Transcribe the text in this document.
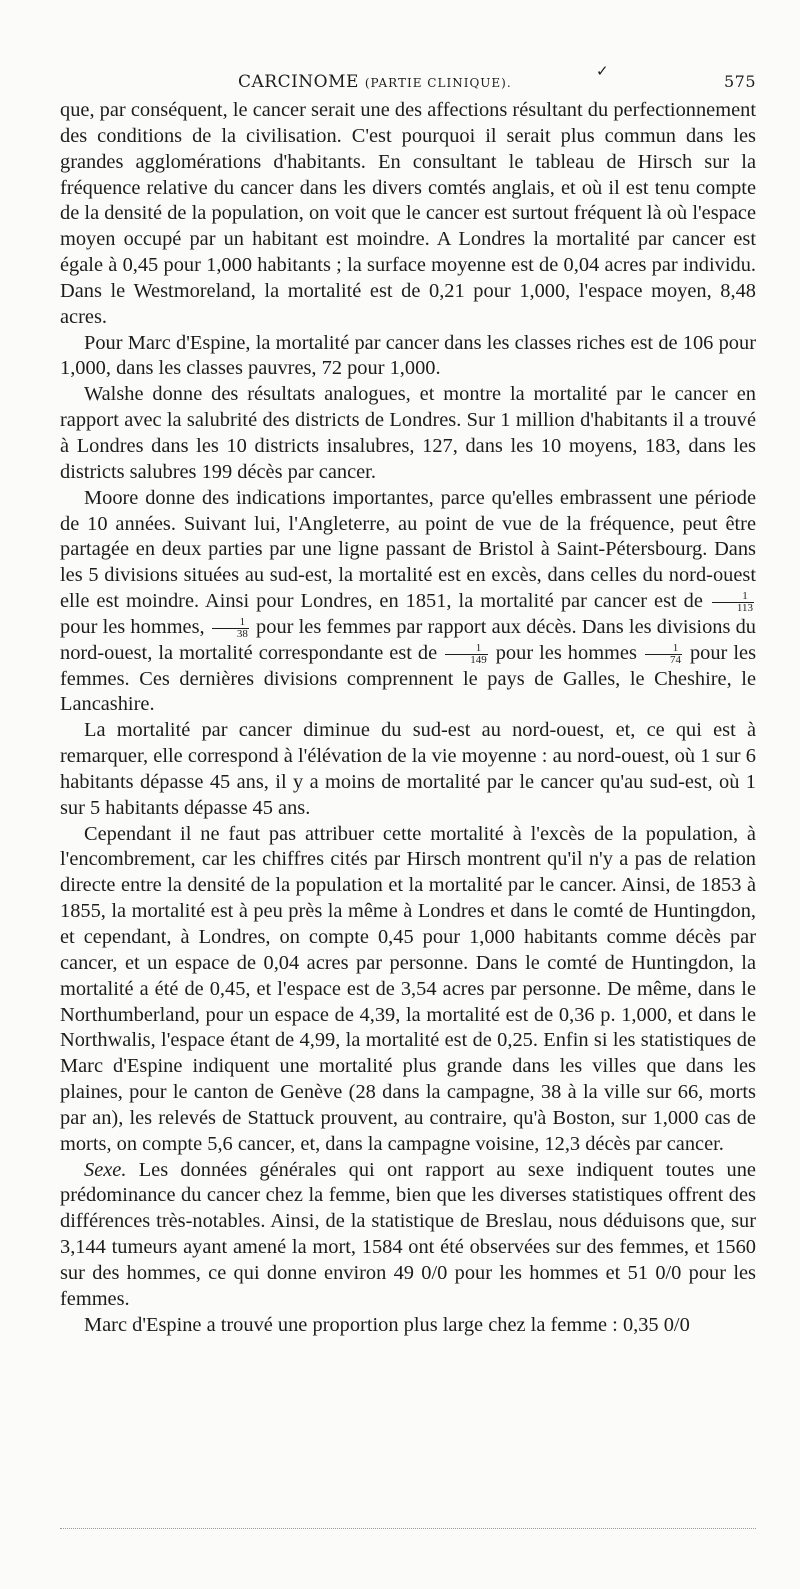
CARCINOME (PARTIE CLINIQUE).
✓
575

que, par conséquent, le cancer serait une des affections résultant du perfectionnement des conditions de la civilisation. C'est pourquoi il serait plus commun dans les grandes agglomérations d'habitants. En consultant le tableau de Hirsch sur la fréquence relative du cancer dans les divers comtés anglais, et où il est tenu compte de la densité de la population, on voit que le cancer est surtout fréquent là où l'espace moyen occupé par un habitant est moindre. A Londres la mortalité par cancer est égale à 0,45 pour 1,000 habitants ; la surface moyenne est de 0,04 acres par individu. Dans le Westmoreland, la mortalité est de 0,21 pour 1,000, l'espace moyen, 8,48 acres.

Pour Marc d'Espine, la mortalité par cancer dans les classes riches est de 106 pour 1,000, dans les classes pauvres, 72 pour 1,000.

Walshe donne des résultats analogues, et montre la mortalité par le cancer en rapport avec la salubrité des districts de Londres. Sur 1 million d'habitants il a trouvé à Londres dans les 10 districts insalubres, 127, dans les 10 moyens, 183, dans les districts salubres 199 décès par cancer.

Moore donne des indications importantes, parce qu'elles embrassent une période de 10 années. Suivant lui, l'Angleterre, au point de vue de la fréquence, peut être partagée en deux parties par une ligne passant de Bristol à Saint-Pétersbourg. Dans les 5 divisions situées au sud-est, la mortalité est en excès, dans celles du nord-ouest elle est moindre. Ainsi pour Londres, en 1851, la mortalité par cancer est de $\frac{1}{113}$
pour les hommes, $\frac{1}{38}$ pour les femmes par rapport aux décès. Dans les divisions du nord-ouest, la mortalité correspondante est de $\frac{1}{149}$ pour les hommes $\frac{1}{74}$ pour les femmes. Ces dernières divisions comprennent le pays de Galles, le Cheshire, le Lancashire.

La mortalité par cancer diminue du sud-est au nord-ouest, et, ce qui est à remarquer, elle correspond à l'élévation de la vie moyenne : au nord-ouest, où 1 sur 6 habitants dépasse 45 ans, il y a moins de mortalité par le cancer qu'au sud-est, où 1 sur 5 habitants dépasse 45 ans.

Cependant il ne faut pas attribuer cette mortalité à l'excès de la population, à l'encombrement, car les chiffres cités par Hirsch montrent qu'il n'y a pas de relation directe entre la densité de la population et la mortalité par le cancer. Ainsi, de 1853 à 1855, la mortalité est à peu près la même à Londres et dans le comté de Huntingdon, et cependant, à Londres, on compte 0,45 pour 1,000 habitants comme décès par cancer, et un espace de 0,04 acres par personne. Dans le comté de Huntingdon, la mortalité a été de 0,45, et l'espace est de 3,54 acres par personne. De même, dans le Northumberland, pour un espace de 4,39, la mortalité est de 0,36 p. 1,000, et dans le Northwalis, l'espace étant de 4,99, la mortalité est de 0,25. Enfin si les statistiques de Marc d'Espine indiquent une mortalité plus grande dans les villes que dans les plaines, pour le canton de Genève (28 dans la campagne, 38 à la ville sur 66, morts par an), les relevés de Stattuck prouvent, au contraire, qu'à Boston, sur 1,000 cas de morts, on compte 5,6 cancer, et, dans la campagne voisine, 12,3 décès par cancer.

Sexe. Les données générales qui ont rapport au sexe indiquent toutes une prédominance du cancer chez la femme, bien que les diverses statistiques offrent des différences très-notables. Ainsi, de la statistique de Breslau, nous déduisons que, sur 3,144 tumeurs ayant amené la mort, 1584 ont été observées sur des femmes, et 1560 sur des hommes, ce qui donne environ 49 0/0 pour les hommes et 51 0/0 pour les femmes.

Marc d'Espine a trouvé une proportion plus large chez la femme : 0,35 0/0
